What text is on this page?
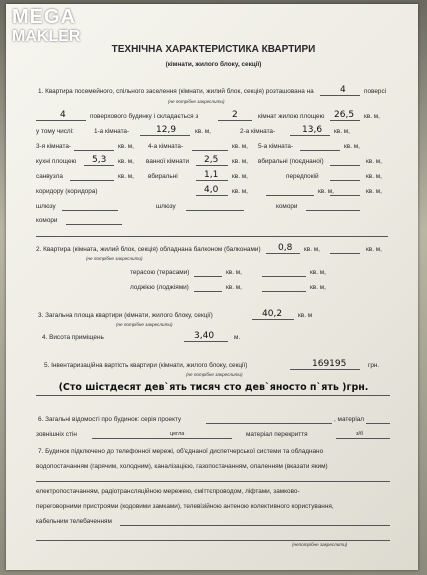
MEGA
MAKLER
ТЕХНІЧНА ХАРАКТЕРИСТИКА КВАРТИРИ
(кімнати, жилого блоку, секції)
1. Квартира посемейного, спільного заселення (кімнати, жилий блок, секція) розташована на	4	поверсі
(не потрібне закреслити)
4	поверхового будинку і складається з	2	кімнат жилою площею 26,5 кв. м,
у тому числі:	1-а кімната-	12,9	кв. м,	2-а кімната-	13,6 кв. м,
3-я кімната-	кв. м, 4-а кімната-	кв. м, 5-а кімната-	кв. м,
кухні площею 5,3 кв. м, ванної кімнати 2,5 кв. м, вбиральні (поєднаної)	кв. м,
санвузла	кв. м, вбиральні	1,1 кв. м,	передпокій	кв. м,
коридору (коридора)	4,0 кв. м,	кв. м,	кв. м,
шлюзу	шлюзу	комори
комори
2. Квартира (кімната, жилий блок, секція) обладнана балконом (балконами) 0,8 кв. м,	кв. м,
(не потрібне закреслити)
терасою (терасами)	кв. м,	кв. м,
лоджією (лоджіями)	кв. м,	кв. м,
3. Загальна площа квартири (кімнати, жилого блоку, секції)	40,2 кв. м
(не потрібне закреслити)
4. Висота приміщень	3,40	м.
5. Інвентаризаційна вартість квартири (кімнати, жилого блоку, секції)	169195	грн.
(не потрібне закреслити)
(Сто шістдесят дев`ять тисяч сто дев`яносто п`ять )грн.
6. Загальні відомості про будинок: серія проекту	, матеріал
зовнішніх стін	цегла	матеріал перекриття	з/б
7. Будинок підключено до телефонної мережі, об'єднаної диспетчерської системи та обладнано
водопостачанням (гарячим, холодним), каналізацією, газопостачанням, опаленням (вказати яким)
електропостачанням, радіотрансляційною мережею, сміттєпроводом, ліфтами, замково-
переговорними пристроями (кодовими замками), телевізійною антеною колективного користування,
кабельним телебаченням
(непотрібне закреслити)
